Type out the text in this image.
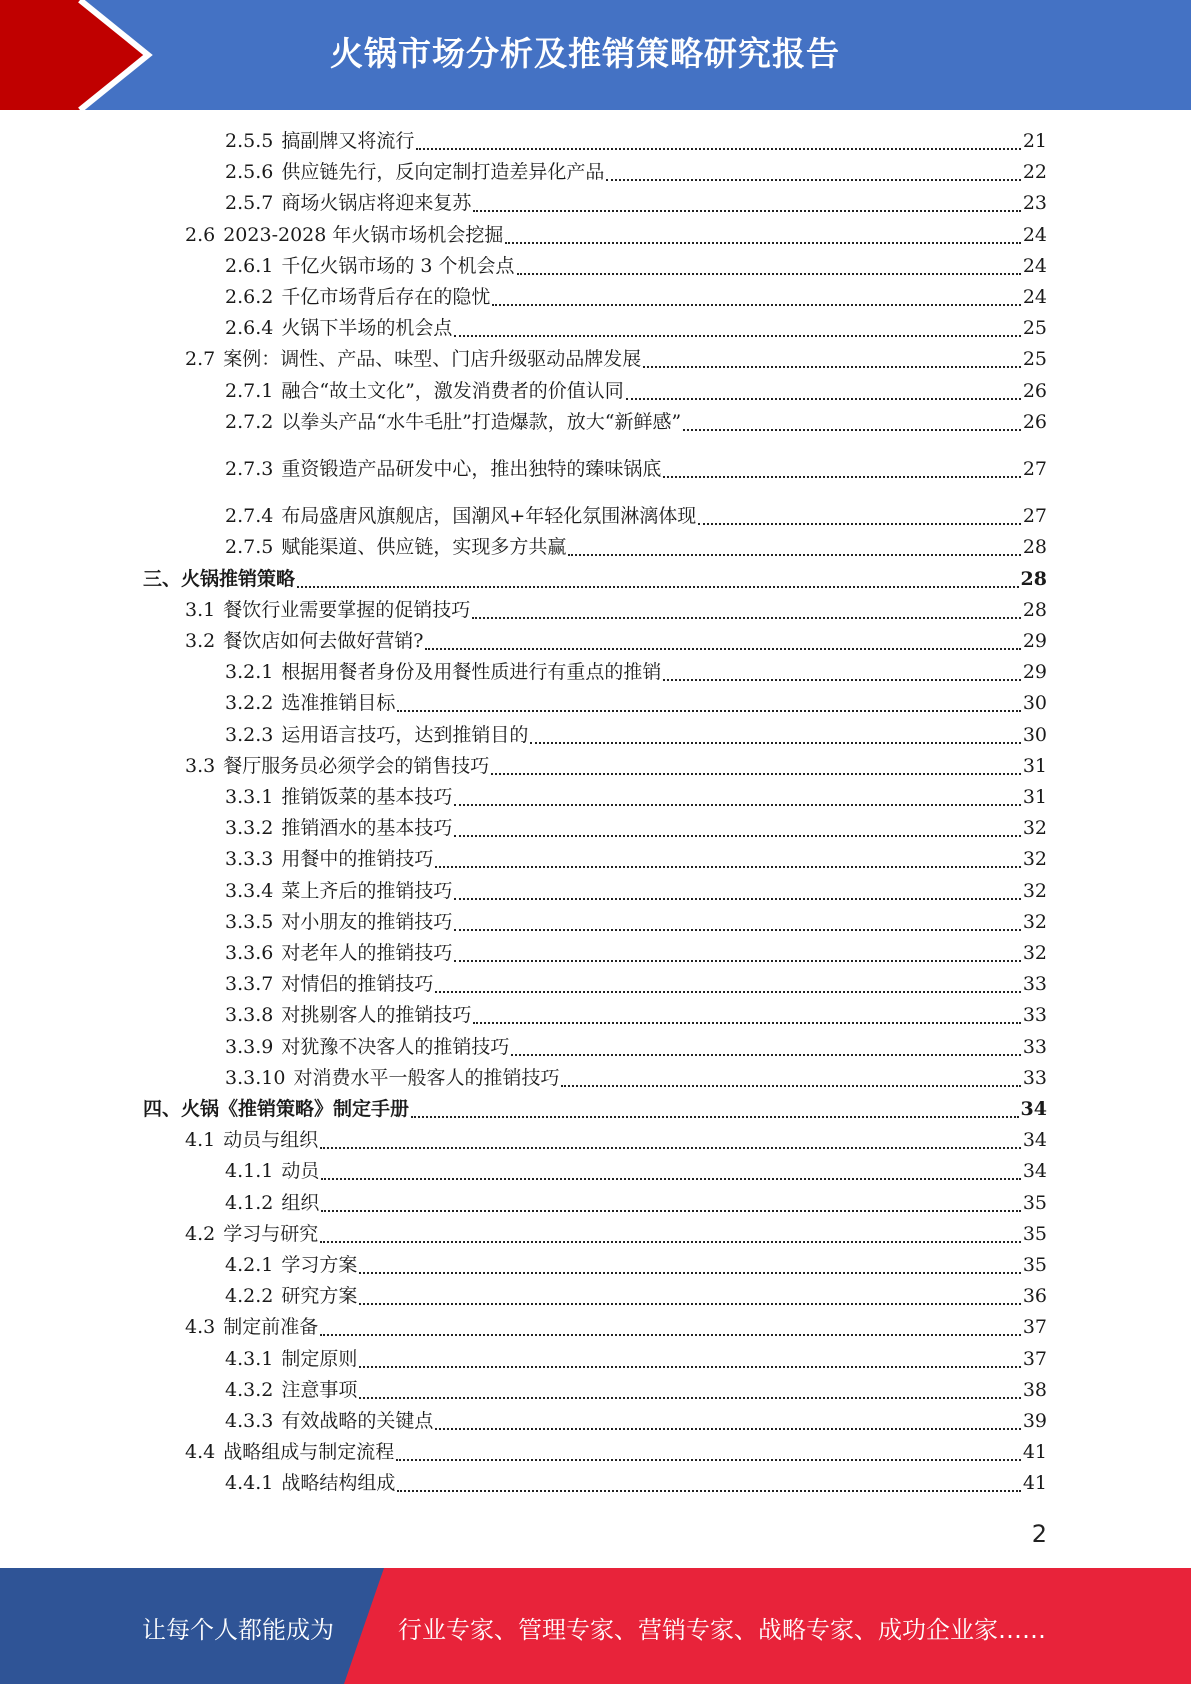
火锅市场分析及推销策略研究报告
2.5.5 搞副牌又将流行	21
2.5.6 供应链先行，反向定制打造差异化产品	22
2.5.7 商场火锅店将迎来复苏	23
2.6 2023-2028 年火锅市场机会挖掘	24
2.6.1 千亿火锅市场的 3 个机会点	24
2.6.2 千亿市场背后存在的隐忧	24
2.6.4 火锅下半场的机会点	25
2.7 案例：调性、产品、味型、门店升级驱动品牌发展	25
2.7.1 融合“故土文化”，激发消费者的价值认同	26
2.7.2 以拳头产品“水牛毛肚”打造爆款，放大“新鲜感”	26
2.7.3 重资锻造产品研发中心，推出独特的臻味锅底	27
2.7.4 布局盛唐风旗舰店，国潮风+年轻化氛围淋漓体现	27
2.7.5 赋能渠道、供应链，实现多方共赢	28
三、 火锅推销策略	28
3.1 餐饮行业需要掌握的促销技巧	28
3.2 餐饮店如何去做好营销?	29
3.2.1 根据用餐者身份及用餐性质进行有重点的推销	29
3.2.2 选准推销目标	30
3.2.3 运用语言技巧，达到推销目的	30
3.3 餐厅服务员必须学会的销售技巧	31
3.3.1 推销饭菜的基本技巧	31
3.3.2 推销酒水的基本技巧	32
3.3.3 用餐中的推销技巧	32
3.3.4 菜上齐后的推销技巧	32
3.3.5 对小朋友的推销技巧	32
3.3.6 对老年人的推销技巧	32
3.3.7 对情侣的推销技巧	33
3.3.8 对挑剔客人的推销技巧	33
3.3.9 对犹豫不决客人的推销技巧	33
3.3.10 对消费水平一般客人的推销技巧	33
四、 火锅《推销策略》制定手册	34
4.1 动员与组织	34
4.1.1 动员	34
4.1.2 组织	35
4.2 学习与研究	35
4.2.1 学习方案	35
4.2.2 研究方案	36
4.3 制定前准备	37
4.3.1 制定原则	37
4.3.2 注意事项	38
4.3.3 有效战略的关键点	39
4.4 战略组成与制定流程	41
4.4.1 战略结构组成	41
2
让每个人都能成为	行业专家、管理专家、营销专家、战略专家、成功企业家……
